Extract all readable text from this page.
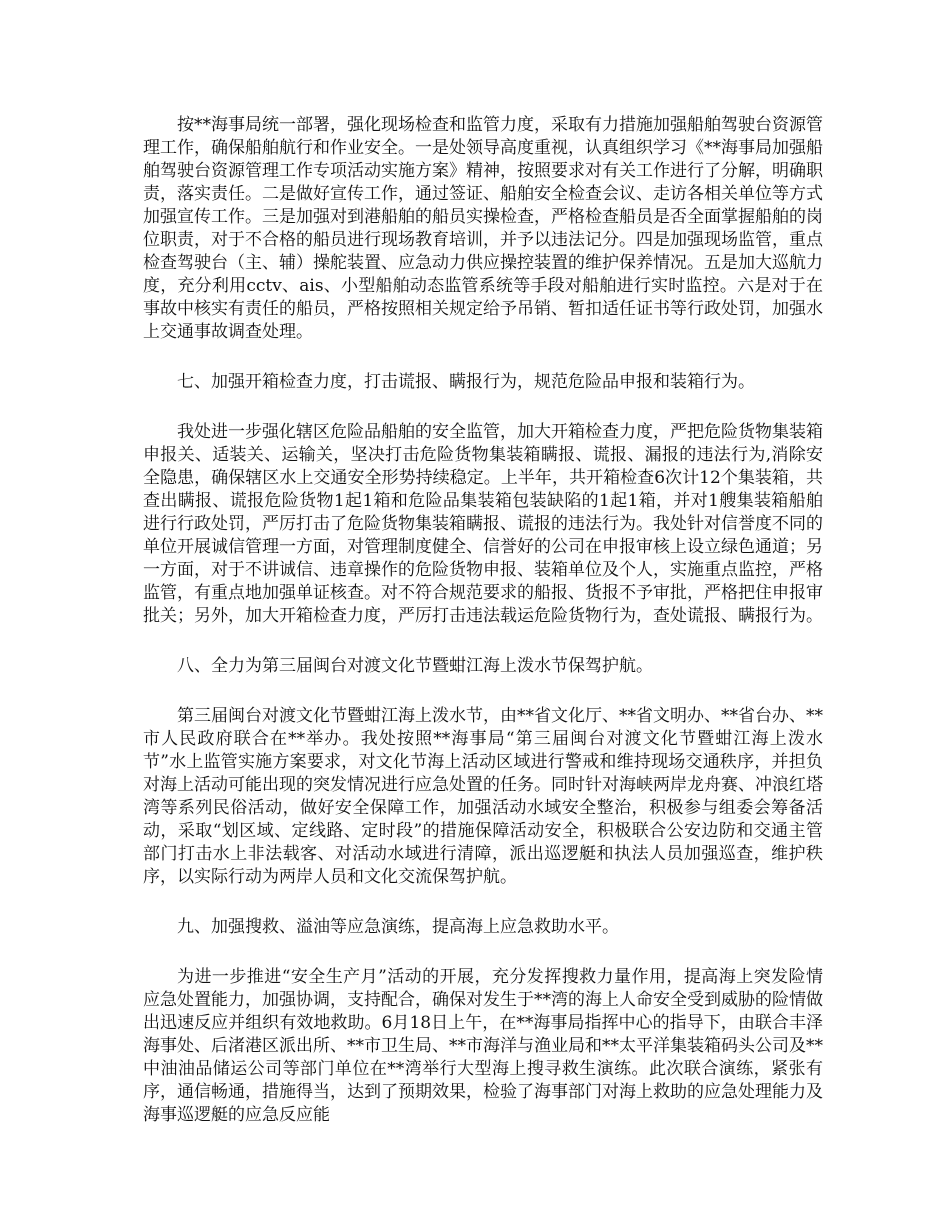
按**海事局统一部署，强化现场检查和监管力度，采取有力措施加强船舶驾驶台资源管理工作，确保船舶航行和作业安全。一是处领导高度重视，认真组织学习《**海事局加强船舶驾驶台资源管理工作专项活动实施方案》精神，按照要求对有关工作进行了分解，明确职责，落实责任。二是做好宣传工作，通过签证、船舶安全检查会议、走访各相关单位等方式加强宣传工作。三是加强对到港船舶的船员实操检查，严格检查船员是否全面掌握船舶的岗位职责，对于不合格的船员进行现场教育培训，并予以违法记分。四是加强现场监管，重点检查驾驶台（主、辅）操舵装置、应急动力供应操控装置的维护保养情况。五是加大巡航力度，充分利用cctv、ais、小型船舶动态监管系统等手段对船舶进行实时监控。六是对于在事故中核实有责任的船员，严格按照相关规定给予吊销、暂扣适任证书等行政处罚，加强水上交通事故调查处理。

七、加强开箱检查力度，打击谎报、瞒报行为，规范危险品申报和装箱行为。

我处进一步强化辖区危险品船舶的安全监管，加大开箱检查力度，严把危险货物集装箱申报关、适装关、运输关，坚决打击危险货物集装箱瞒报、谎报、漏报的违法行为,消除安全隐患，确保辖区水上交通安全形势持续稳定。上半年，共开箱检查6次计12个集装箱，共查出瞒报、谎报危险货物1起1箱和危险品集装箱包装缺陷的1起1箱，并对1艘集装箱船舶进行行政处罚，严厉打击了危险货物集装箱瞒报、谎报的违法行为。我处针对信誉度不同的单位开展诚信管理一方面，对管理制度健全、信誉好的公司在申报审核上设立绿色通道；另一方面，对于不讲诚信、违章操作的危险货物申报、装箱单位及个人，实施重点监控，严格监管，有重点地加强单证核查。对不符合规范要求的船报、货报不予审批，严格把住申报审批关；另外，加大开箱检查力度，严厉打击违法载运危险货物行为，查处谎报、瞒报行为。

八、全力为第三届闽台对渡文化节暨蚶江海上泼水节保驾护航。

第三届闽台对渡文化节暨蚶江海上泼水节，由**省文化厅、**省文明办、**省台办、**市人民政府联合在**举办。我处按照**海事局“第三届闽台对渡文化节暨蚶江海上泼水节”水上监管实施方案要求，对文化节海上活动区域进行警戒和维持现场交通秩序，并担负对海上活动可能出现的突发情况进行应急处置的任务。同时针对海峡两岸龙舟赛、冲浪红塔湾等系列民俗活动，做好安全保障工作，加强活动水域安全整治，积极参与组委会筹备活动，采取“划区域、定线路、定时段”的措施保障活动安全，积极联合公安边防和交通主管部门打击水上非法载客、对活动水域进行清障，派出巡逻艇和执法人员加强巡查，维护秩序，以实际行动为两岸人员和文化交流保驾护航。

九、加强搜救、溢油等应急演练，提高海上应急救助水平。

为进一步推进“安全生产月”活动的开展，充分发挥搜救力量作用，提高海上突发险情应急处置能力，加强协调，支持配合，确保对发生于**湾的海上人命安全受到威胁的险情做出迅速反应并组织有效地救助。6月18日上午，在**海事局指挥中心的指导下，由联合丰泽海事处、后渚港区派出所、**市卫生局、**市海洋与渔业局和**太平洋集装箱码头公司及**中油油品储运公司等部门单位在**湾举行大型海上搜寻救生演练。此次联合演练，紧张有序，通信畅通，措施得当，达到了预期效果，检验了海事部门对海上救助的应急处理能力及海事巡逻艇的应急反应能
